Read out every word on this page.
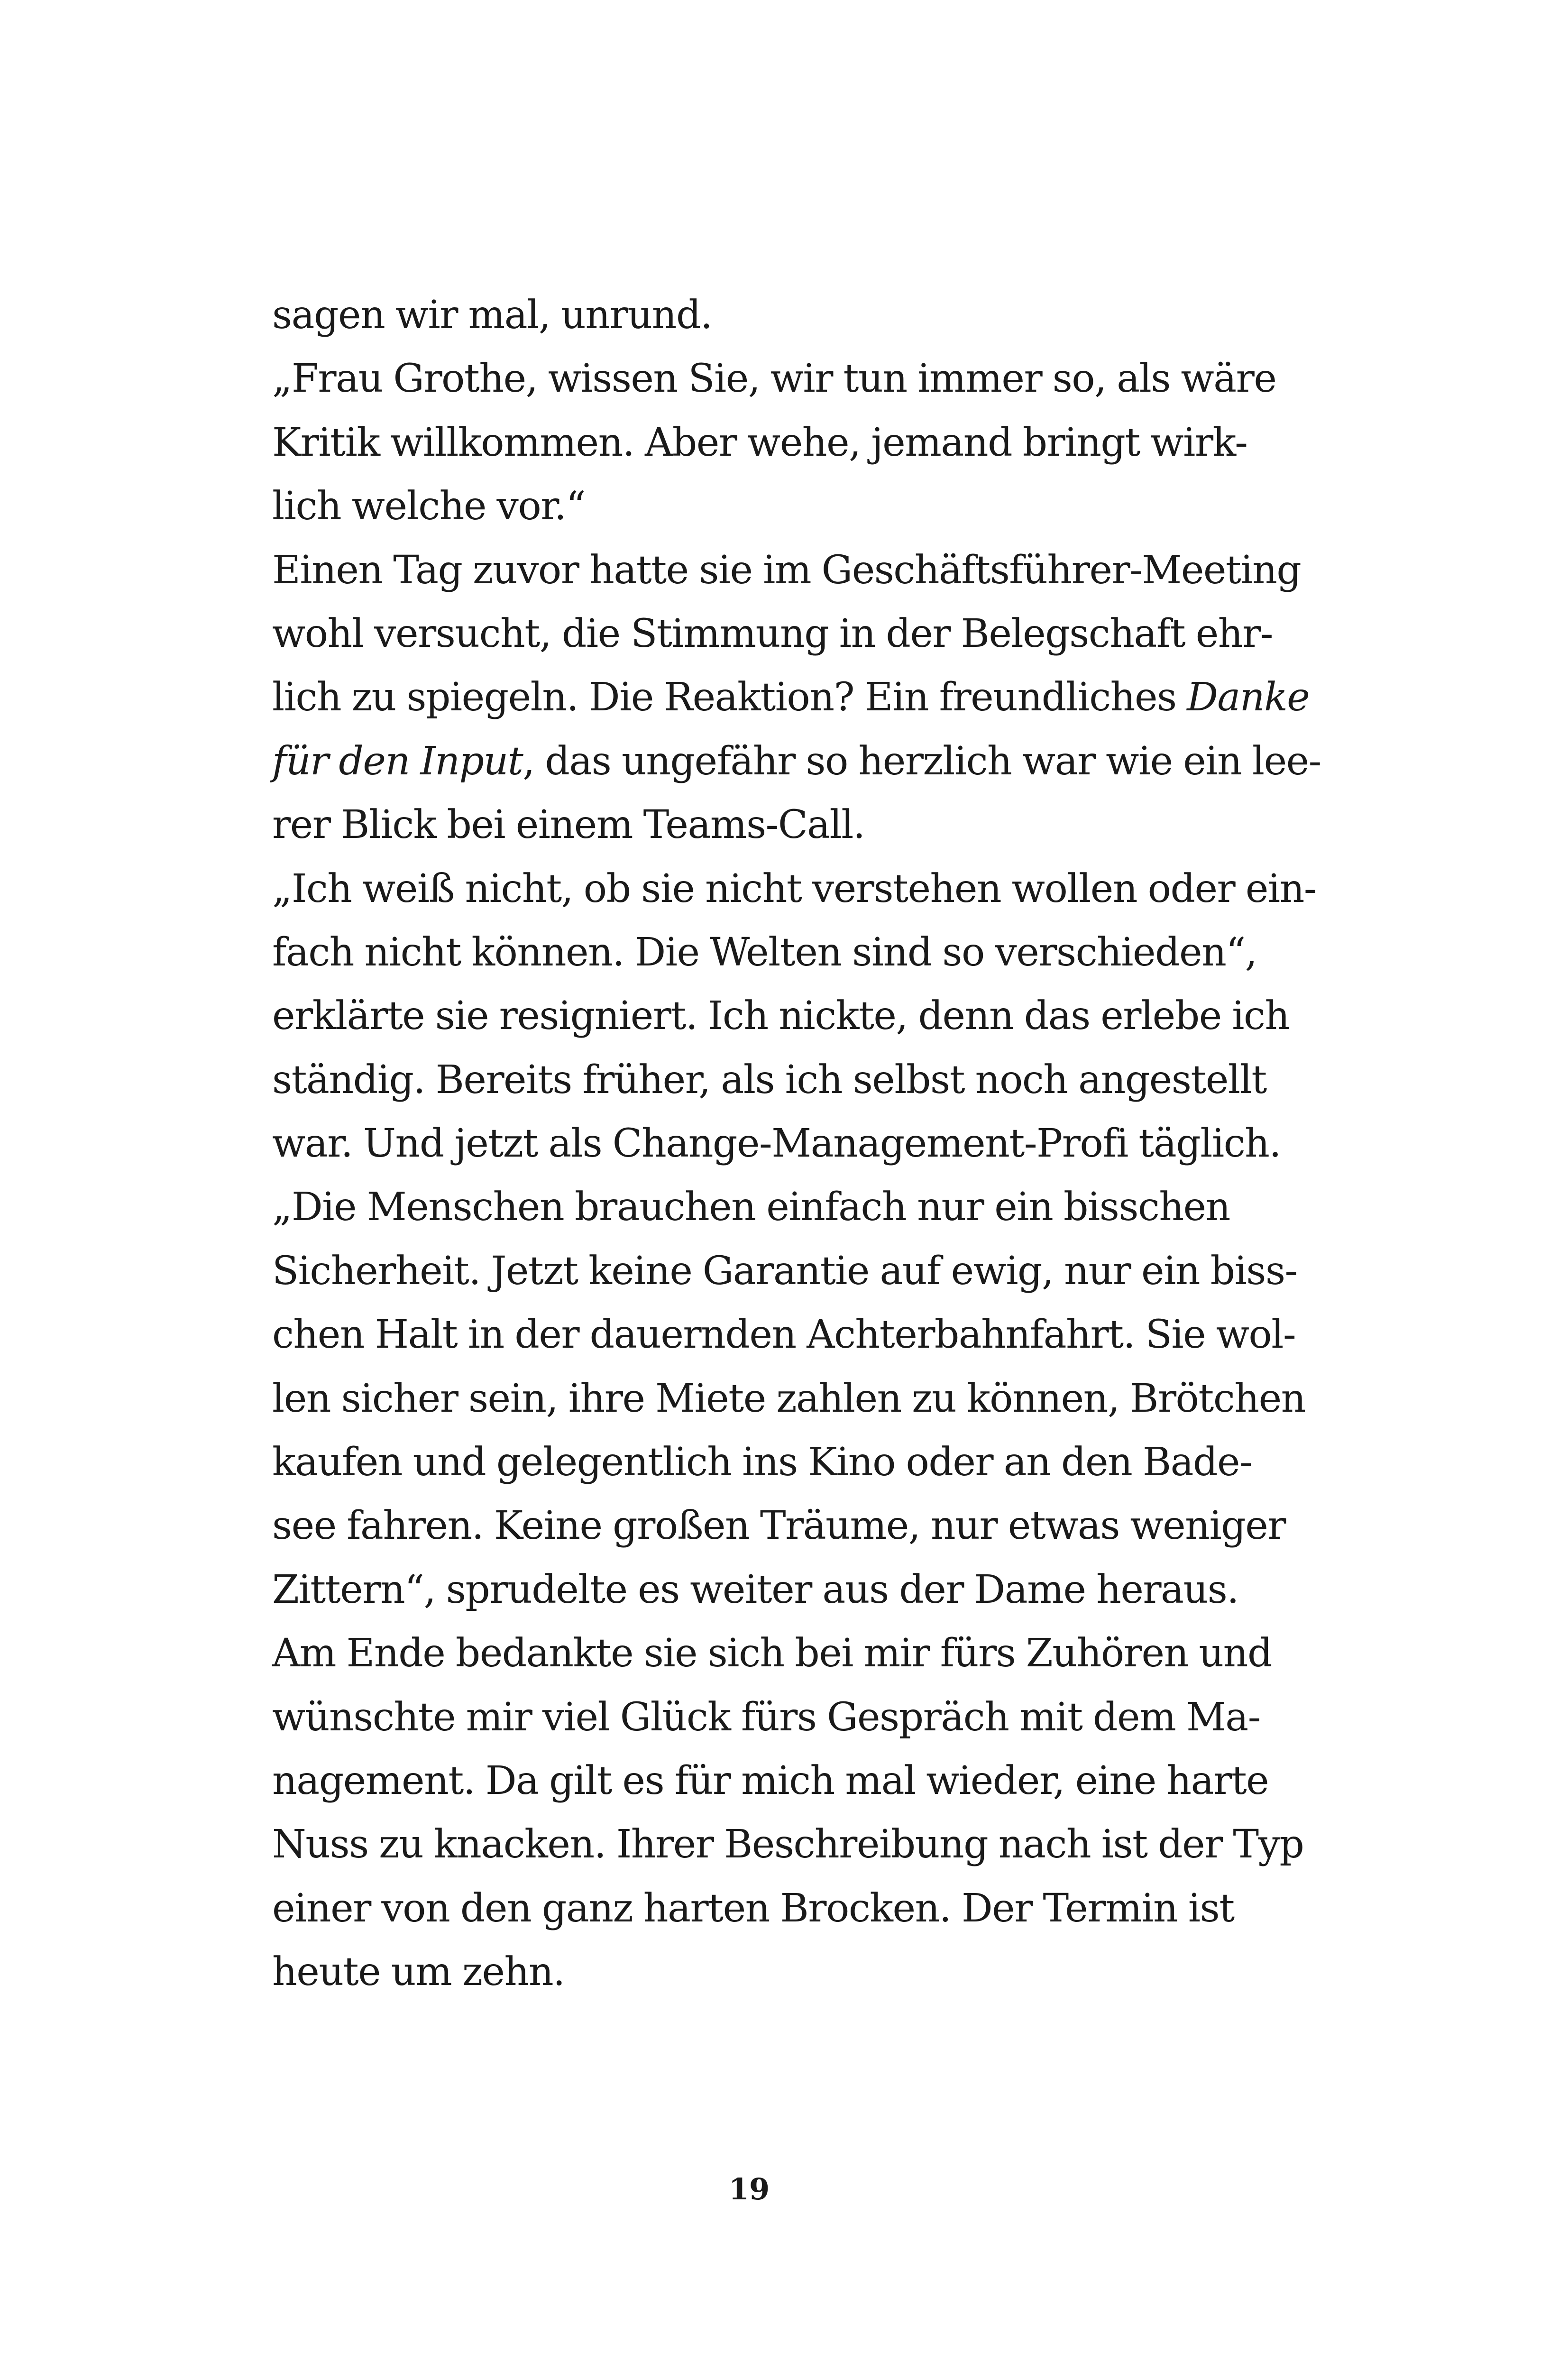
sagen wir mal, unrund.
„Frau Grothe, wissen Sie, wir tun immer so, als wäre
Kritik willkommen. Aber wehe, jemand bringt wirk-
lich welche vor.“
Einen Tag zuvor hatte sie im Geschäftsführer-Meeting
wohl versucht, die Stimmung in der Belegschaft ehr-
lich zu spiegeln. Die Reaktion? Ein freundliches Danke
für den Input, das ungefähr so herzlich war wie ein lee-
rer Blick bei einem Teams-Call.
„Ich weiß nicht, ob sie nicht verstehen wollen oder ein-
fach nicht können. Die Welten sind so verschieden“,
erklärte sie resigniert. Ich nickte, denn das erlebe ich
ständig. Bereits früher, als ich selbst noch angestellt
war. Und jetzt als Change-Management-Profi täglich.
„Die Menschen brauchen einfach nur ein bisschen
Sicherheit. Jetzt keine Garantie auf ewig, nur ein biss-
chen Halt in der dauernden Achterbahnfahrt. Sie wol-
len sicher sein, ihre Miete zahlen zu können, Brötchen
kaufen und gelegentlich ins Kino oder an den Bade-
see fahren. Keine großen Träume, nur etwas weniger
Zittern“, sprudelte es weiter aus der Dame heraus.
Am Ende bedankte sie sich bei mir fürs Zuhören und
wünschte mir viel Glück fürs Gespräch mit dem Ma-
nagement. Da gilt es für mich mal wieder, eine harte
Nuss zu knacken. Ihrer Beschreibung nach ist der Typ
einer von den ganz harten Brocken. Der Termin ist
heute um zehn.
19
